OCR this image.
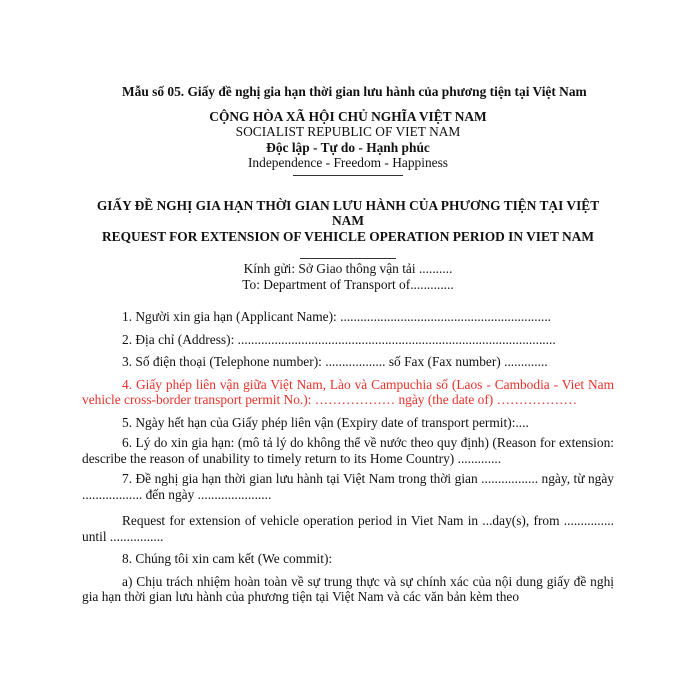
Mẫu số 05. Giấy đề nghị gia hạn thời gian lưu hành của phương tiện tại Việt Nam

CỘNG HÒA XÃ HỘI CHỦ NGHĨA VIỆT NAM

SOCIALIST REPUBLIC OF VIET NAM

Độc lập - Tự do - Hạnh phúc

Independence - Freedom - Happiness

GIẤY ĐỀ NGHỊ GIA HẠN THỜI GIAN LƯU HÀNH CỦA PHƯƠNG TIỆN TẠI VIỆT NAM

REQUEST FOR EXTENSION OF VEHICLE OPERATION PERIOD IN VIET NAM

Kính gửi: Sở Giao thông vận tải ..........

To: Department of Transport of.............

1. Người xin gia hạn (Applicant Name): ...............................................................

2. Địa chỉ (Address): ...............................................................................................

3. Số điện thoại (Telephone number): .................. số Fax (Fax number) .............

4. Giấy phép liên vận giữa Việt Nam, Lào và Campuchia số (Laos - Cambodia - Viet Nam vehicle cross-border transport permit No.): ……………… ngày (the date of) ………………

5. Ngày hết hạn của Giấy phép liên vận (Expiry date of transport permit):....

6. Lý do xin gia hạn: (mô tả lý do không thể về nước theo quy định) (Reason for extension: describe the reason of unability to timely return to its Home Country) .............

7. Đề nghị gia hạn thời gian lưu hành tại Việt Nam trong thời gian ................. ngày, từ ngày .................. đến ngày ......................

Request for extension of vehicle operation period in Viet Nam in ...day(s), from ............... until ................

8. Chúng tôi xin cam kết (We commit):

a) Chịu trách nhiệm hoàn toàn về sự trung thực và sự chính xác của nội dung giấy đề nghị gia hạn thời gian lưu hành của phương tiện tại Việt Nam và các văn bản kèm theo
